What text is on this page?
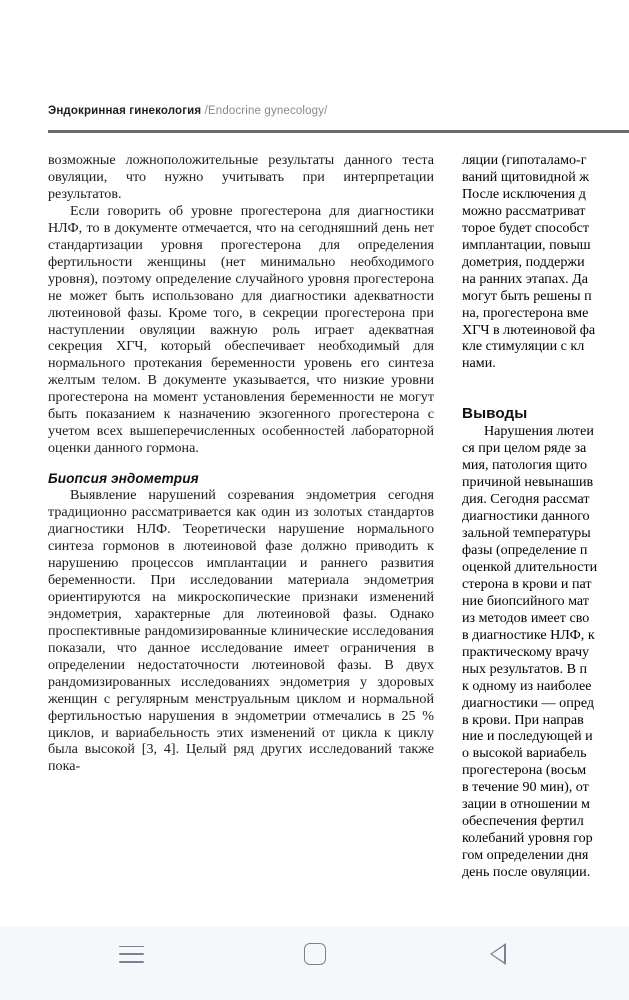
Эндокринная гинекология /Endocrine gynecology/

возможные ложноположительные результаты данного теста овуляции, что нужно учитывать при интерпретации результатов.

Если говорить об уровне прогестерона для диагностики НЛФ, то в документе отмечается, что на сегодняшний день нет стандартизации уровня прогестерона для определения фертильности женщины (нет минимально необходимого уровня), поэтому определение случайного уровня прогестерона не может быть использовано для диагностики адекватности лютеиновой фазы. Кроме того, в секреции прогестерона при наступлении овуляции важную роль играет адекватная секреция ХГЧ, который обеспечивает необходимый для нормального протекания беременности уровень его синтеза желтым телом. В документе указывается, что низкие уровни прогестерона на момент установления беременности не могут быть показанием к назначению экзогенного прогестерона с учетом всех вышеперечисленных особенностей лабораторной оценки данного гормона.

Биопсия эндометрия

Выявление нарушений созревания эндометрия сегодня традиционно рассматривается как один из золотых стандартов диагностики НЛФ. Теоретически нарушение нормального синтеза гормонов в лютеиновой фазе должно приводить к нарушению процессов имплантации и раннего развития беременности. При исследовании материала эндометрия ориентируются на микроскопические признаки изменений эндометрия, характерные для лютеиновой фазы. Однако проспективные рандомизированные клинические исследования показали, что данное исследование имеет ограничения в определении недостаточности лютеиновой фазы. В двух рандомизированных исследованиях эндометрия у здоровых женщин с регулярным менструальным циклом и нормальной фертильностью нарушения в эндометрии отмечались в 25 % циклов, и вариабельность этих изменений от цикла к циклу была высокой [3, 4]. Целый ряд других исследований также пока-

ляции (гипоталамо-г
ваний щитовидной ж
После исключения д
можно рассматриват
торое будет способст
имплантации, повыш
дометрия, поддержи
на ранних этапах. Да
могут быть решены п
на, прогестерона вме
ХГЧ в лютеиновой фа
кле стимуляции с кл
нами.
Выводы
Нарушения лютеи
ся при целом ряде за
мия, патология щито
причиной невынашив
дия. Сегодня рассмат
диагностики данного
зальной температуры
фазы (определение п
оценкой длительности
стерона в крови и пат
ние биопсийного мат
из методов имеет сво
в диагностике НЛФ, к
практическому врачу
ных результатов. В п
к одному из наиболее
диагностики — опред
в крови. При направ
ние и последующей и
о высокой вариабель
прогестерона (восьм
в течение 90 мин), от
зации в отношении м
обеспечения фертил
колебаний уровня гор
гом определении дня
день после овуляции.
